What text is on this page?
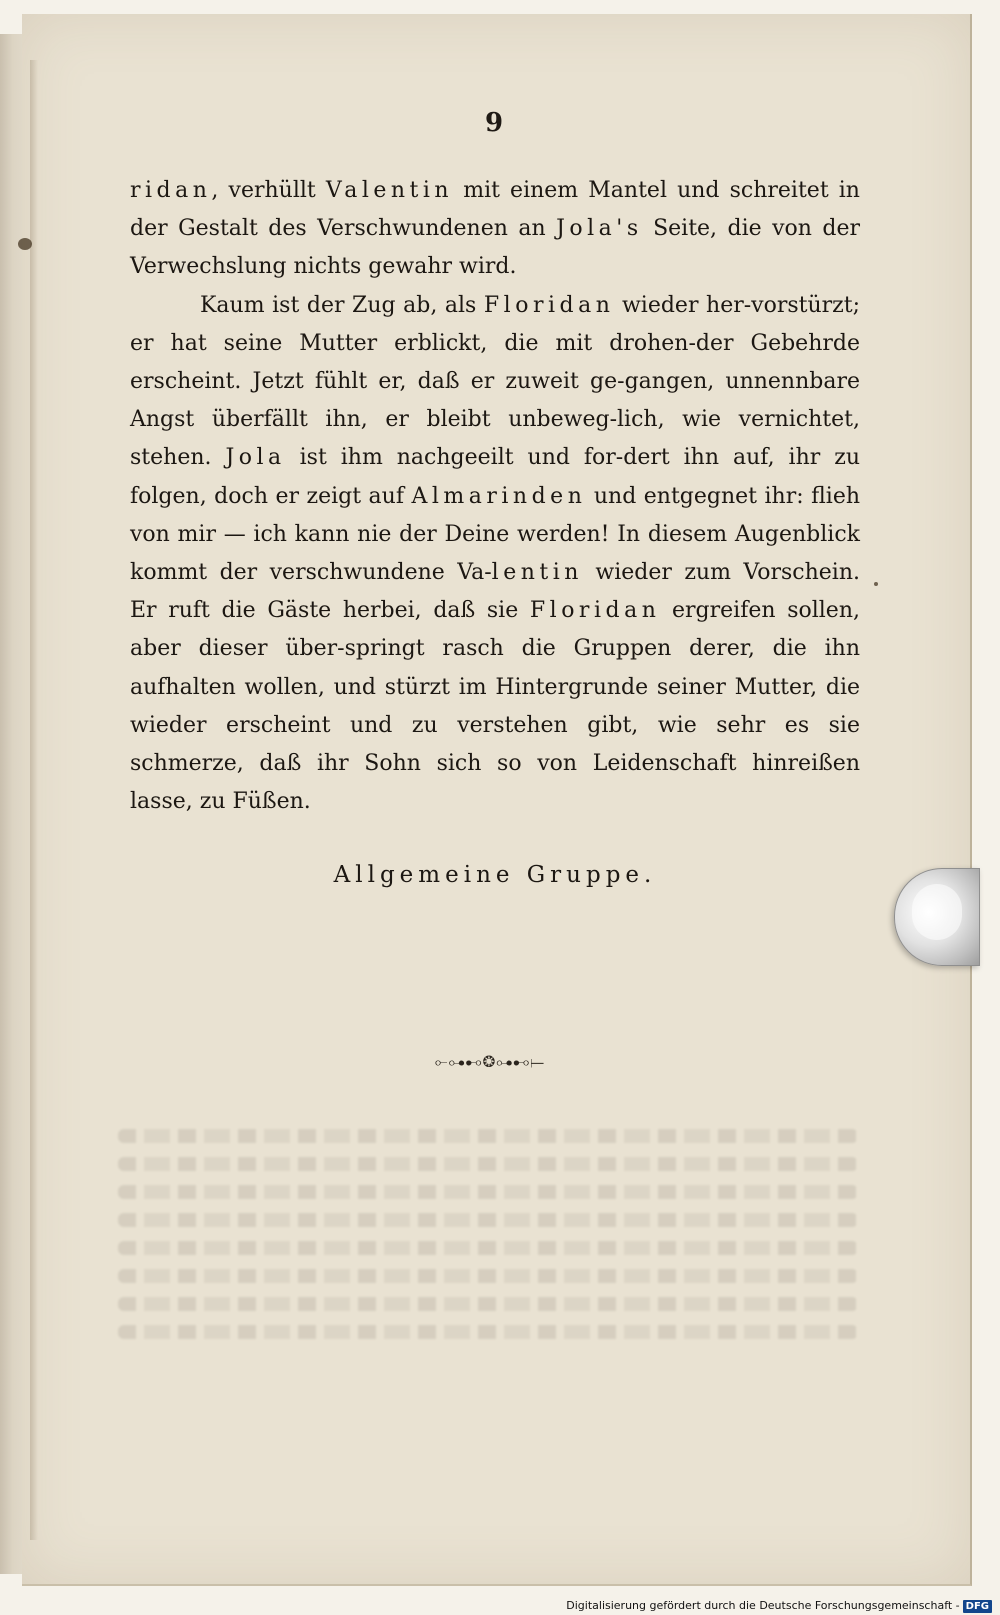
9

ridan, verhüllt Valentin mit einem Mantel und schreitet in der Gestalt des Verschwundenen an Jola's Seite, die von der Verwechslung nichts gewahr wird.

Kaum ist der Zug ab, als Floridan wieder her-vorstürzt; er hat seine Mutter erblickt, die mit drohen-der Gebehrde erscheint. Jetzt fühlt er, daß er zuweit ge-gangen, unnennbare Angst überfällt ihn, er bleibt unbeweg-lich, wie vernichtet, stehen. Jola ist ihm nachgeeilt und for-dert ihn auf, ihr zu folgen, doch er zeigt auf Almarinden und entgegnet ihr: flieh von mir — ich kann nie der Deine werden! In diesem Augenblick kommt der verschwundene Va-lentin wieder zum Vorschein. Er ruft die Gäste herbei, daß sie Floridan ergreifen sollen, aber dieser über-springt rasch die Gruppen derer, die ihn aufhalten wollen, und stürzt im Hintergrunde seiner Mutter, die wieder erscheint und zu verstehen gibt, wie sehr es sie schmerze, daß ihr Sohn sich so von Leidenschaft hinreißen lasse, zu Füßen.

Allgemeine Gruppe.
⟜⊶⊷❂⊶⊷⟝
Digitalisierung gefördert durch die Deutsche Forschungsgemeinschaft - DFG
